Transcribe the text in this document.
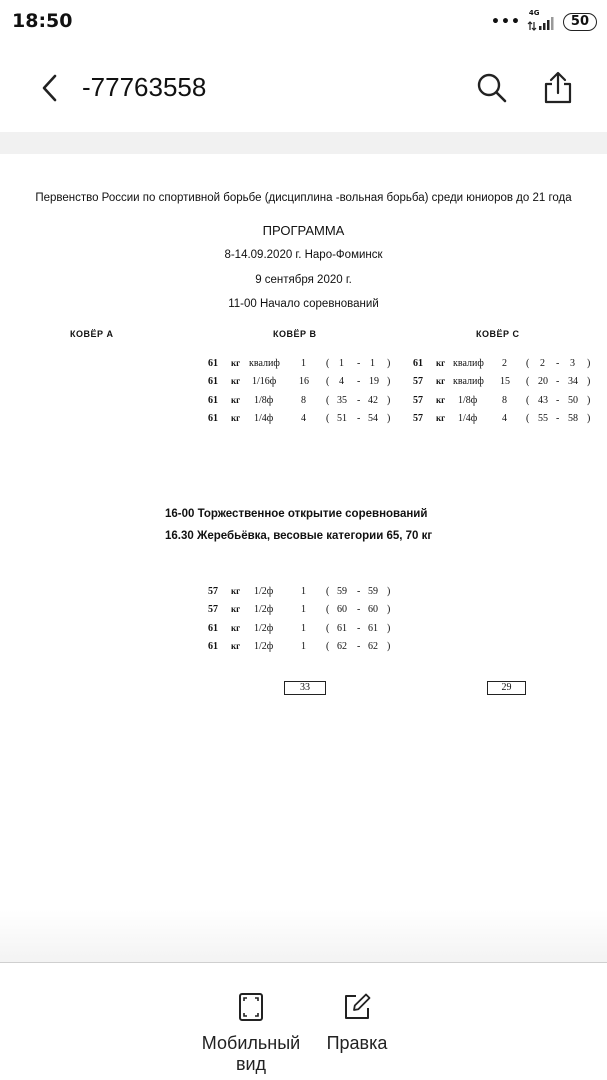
18:50	•••
4G
50
-77763558
Первенство России по спортивной борьбе (дисциплина -вольная борьба) среди юниоров до 21 года
ПРОГРАММА
8-14.09.2020 г. Наро-Фоминск
9 сентября 2020 г.
11-00 Начало соревнований
КОВЁР А	КОВЁР В	КОВЁР С
61 кг квалиф 1 ( 1 - 1 ) 61 кг квалиф 2 ( 2 - 3 )
61 кг 1/16ф 16 ( 4 - 19 ) 57 кг квалиф 15 ( 20 - 34 )
61 кг 1/8ф	8 ( 35 - 42 ) 57 кг 1/8ф 8 ( 43 - 50 )
61 кг 1/4ф	4 ( 51 - 54 ) 57 кг 1/4ф 4 ( 55 - 58 )
16-00 Торжественное открытие соревнований
16.30 Жеребьёвка, весовые категории 65, 70 кг
57 кг 1/2ф	1 ( 59 - 59 )
57 кг 1/2ф	1 ( 60 - 60 )
61 кг 1/2ф	1 ( 61 - 61 )
61 кг 1/2ф	1 ( 62 - 62 )
33	29
Мобильный вид
Правка
